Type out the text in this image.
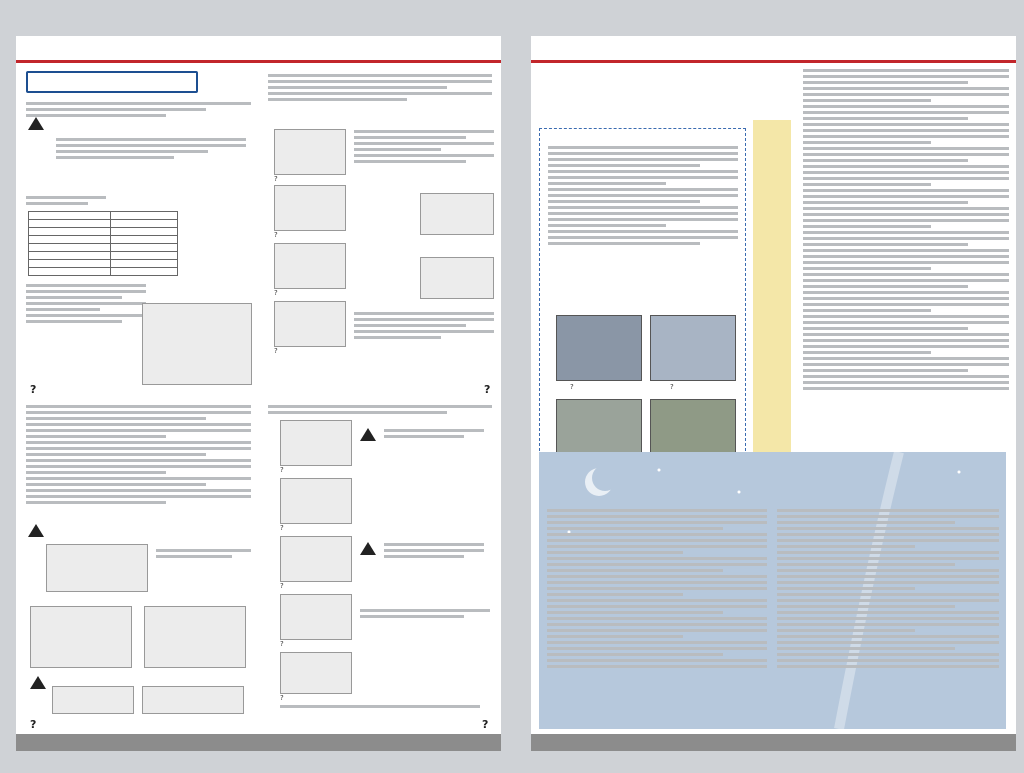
?
?
?
?
?
?
?
?
?
?
?
?
?
?	?
